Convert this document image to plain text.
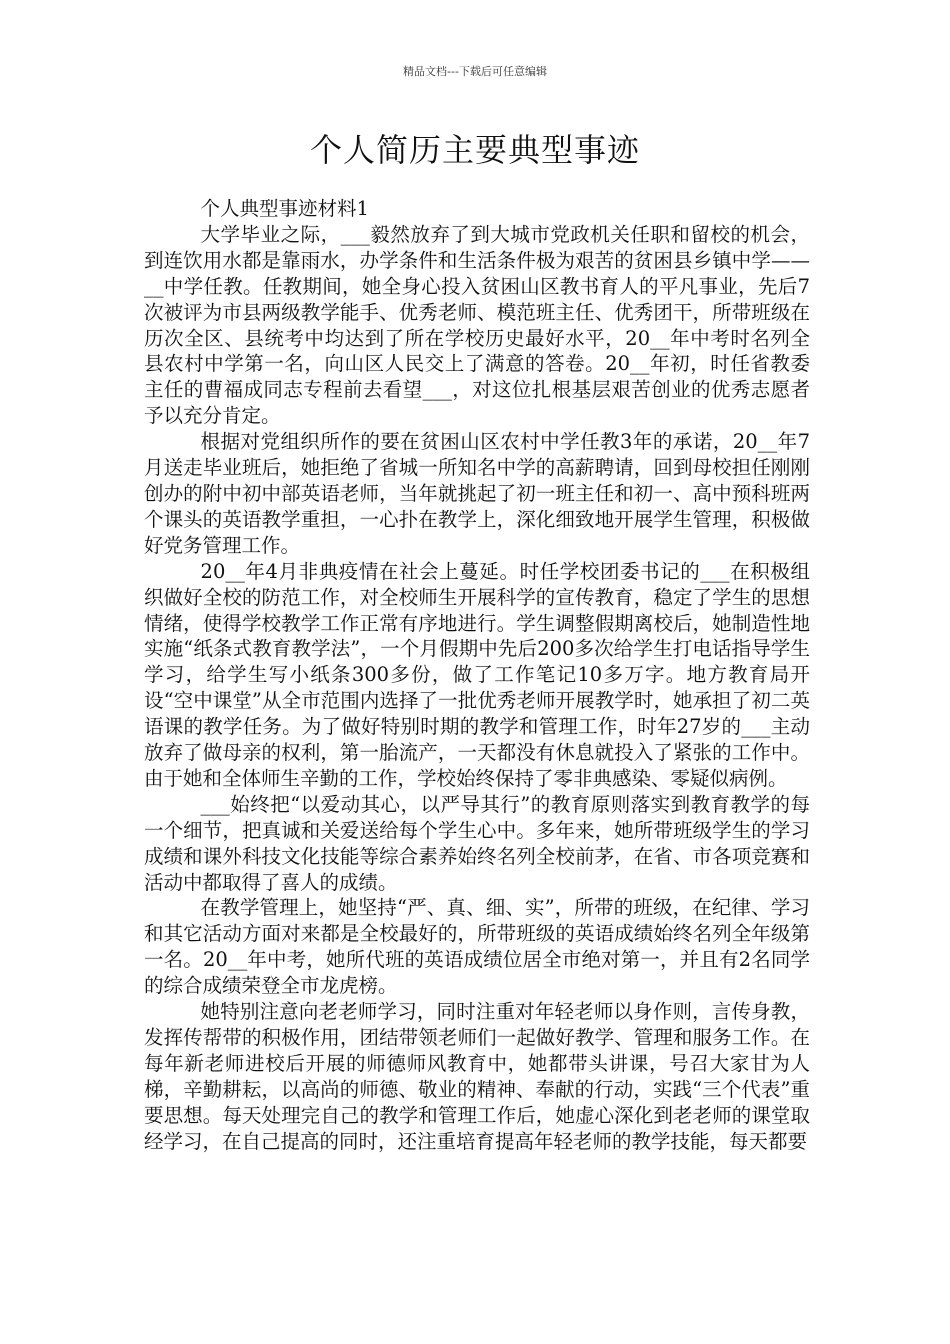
精品文档---下载后可任意编辑
个人简历主要典型事迹

个人典型事迹材料1

大学毕业之际，___毅然放弃了到大城市党政机关任职和留校的机会，到连饮用水都是靠雨水，办学条件和生活条件极为艰苦的贫困县乡镇中学——__中学任教。任教期间，她全身心投入贫困山区教书育人的平凡事业，先后7次被评为市县两级教学能手、优秀老师、模范班主任、优秀团干，所带班级在历次全区、县统考中均达到了所在学校历史最好水平，20__年中考时名列全县农村中学第一名，向山区人民交上了满意的答卷。20__年初，时任省教委主任的曹福成同志专程前去看望___，对这位扎根基层艰苦创业的优秀志愿者予以充分肯定。

根据对党组织所作的要在贫困山区农村中学任教3年的承诺，20__年7月送走毕业班后，她拒绝了省城一所知名中学的高薪聘请，回到母校担任刚刚创办的附中初中部英语老师，当年就挑起了初一班主任和初一、高中预科班两个课头的英语教学重担，一心扑在教学上，深化细致地开展学生管理，积极做好党务管理工作。

20__年4月非典疫情在社会上蔓延。时任学校团委书记的___在积极组织做好全校的防范工作，对全校师生开展科学的宣传教育，稳定了学生的思想情绪，使得学校教学工作正常有序地进行。学生调整假期离校后，她制造性地实施“纸条式教育教学法”，一个月假期中先后200多次给学生打电话指导学生学习，给学生写小纸条300多份，做了工作笔记10多万字。地方教育局开设“空中课堂”从全市范围内选择了一批优秀老师开展教学时，她承担了初二英语课的教学任务。为了做好特别时期的教学和管理工作，时年27岁的___主动放弃了做母亲的权利，第一胎流产，一天都没有休息就投入了紧张的工作中。由于她和全体师生辛勤的工作，学校始终保持了零非典感染、零疑似病例。

___始终把“以爱动其心，以严导其行”的教育原则落实到教育教学的每一个细节，把真诚和关爱送给每个学生心中。多年来，她所带班级学生的学习成绩和课外科技文化技能等综合素养始终名列全校前茅，在省、市各项竞赛和活动中都取得了喜人的成绩。

在教学管理上，她坚持“严、真、细、实”，所带的班级，在纪律、学习和其它活动方面对来都是全校最好的，所带班级的英语成绩始终名列全年级第一名。20__年中考，她所代班的英语成绩位居全市绝对第一，并且有2名同学的综合成绩荣登全市龙虎榜。

她特别注意向老老师学习，同时注重对年轻老师以身作则，言传身教，发挥传帮带的积极作用，团结带领老师们一起做好教学、管理和服务工作。在每年新老师进校后开展的师德师风教育中，她都带头讲课，号召大家甘为人梯，辛勤耕耘，以高尚的师德、敬业的精神、奉献的行动，实践“三个代表”重要思想。每天处理完自己的教学和管理工作后，她虚心深化到老老师的课堂取经学习，在自己提高的同时，还注重培育提高年轻老师的教学技能，每天都要
